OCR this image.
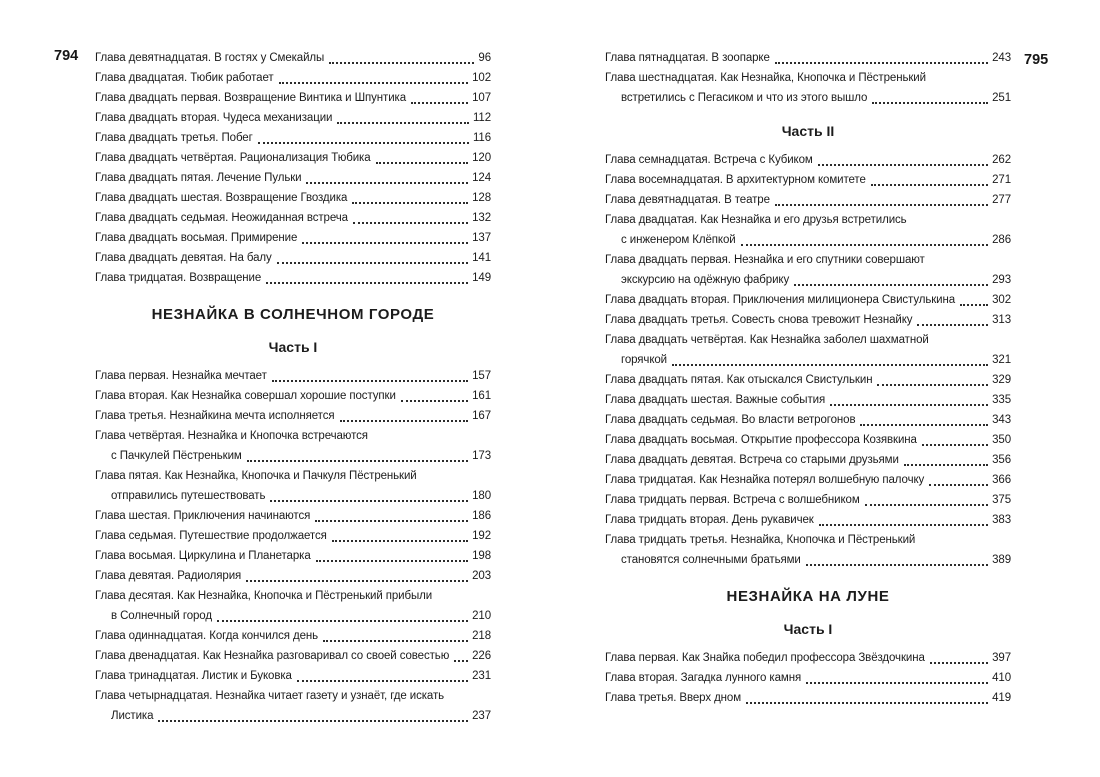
794 Глава девятнадцатая. В гостях у Смекайлы	96
Глава двадцатая. Тюбик работает	102
Глава двадцать первая. Возвращение Винтика и Шпунтика	107
Глава двадцать вторая. Чудеса механизации	112
Глава двадцать третья. Побег	116
Глава двадцать четвёртая. Рационализация Тюбика	120
Глава двадцать пятая. Лечение Пульки	124
Глава двадцать шестая. Возвращение Гвоздика	128
Глава двадцать седьмая. Неожиданная встреча	132
Глава двадцать восьмая. Примирение	137
Глава двадцать девятая. На балу	141
Глава тридцатая. Возвращение	149
НЕЗНАЙКА В СОЛНЕЧНОМ ГОРОДЕ
Часть I
Глава первая. Незнайка мечтает	157
Глава вторая. Как Незнайка совершал хорошие поступки	161
Глава третья. Незнайкина мечта исполняется	167
Глава четвёртая. Незнайка и Кнопочка встречаются
с Пачкулей Пёстреньким	173
Глава пятая. Как Незнайка, Кнопочка и Пачкуля Пёстренький
отправились путешествовать	180
Глава шестая. Приключения начинаются	186
Глава седьмая. Путешествие продолжается	192
Глава восьмая. Циркулина и Планетарка	198
Глава девятая. Радиолярия	203
Глава десятая. Как Незнайка, Кнопочка и Пёстренький прибыли
в Солнечный город	210
Глава одиннадцатая. Когда кончился день	218
Глава двенадцатая. Как Незнайка разговаривал со своей совестью 226
Глава тринадцатая. Листик и Буковка	231
Глава четырнадцатая. Незнайка читает газету и узнаёт, где искать
Листика	237
Глава пятнадцатая. В зоопарке	243
Глава шестнадцатая. Как Незнайка, Кнопочка и Пёстренький
встретились с Пегасиком и что из этого вышло	251
Часть II
Глава семнадцатая. Встреча с Кубиком	262
Глава восемнадцатая. В архитектурном комитете	271
Глава девятнадцатая. В театре	277
Глава двадцатая. Как Незнайка и его друзья встретились
с инженером Клёпкой	286
Глава двадцать первая. Незнайка и его спутники совершают
экскурсию на одёжную фабрику	293
Глава двадцать вторая. Приключения милиционера Свистулькина	302
Глава двадцать третья. Совесть снова тревожит Незнайку	313
Глава двадцать четвёртая. Как Незнайка заболел шахматной
горячкой	321
Глава двадцать пятая. Как отыскался Свистулькин	329
Глава двадцать шестая. Важные события	335
Глава двадцать седьмая. Во власти ветрогонов	343
Глава двадцать восьмая. Открытие профессора Козявкина	350
Глава двадцать девятая. Встреча со старыми друзьями	356
Глава тридцатая. Как Незнайка потерял волшебную палочку	366
Глава тридцать первая. Встреча с волшебником	375
Глава тридцать вторая. День рукавичек	383
Глава тридцать третья. Незнайка, Кнопочка и Пёстренький
становятся солнечными братьями	389
НЕЗНАЙКА НА ЛУНЕ
Часть I
Глава первая. Как Знайка победил профессора Звёздочкина	397
Глава вторая. Загадка лунного камня	410
Глава третья. Вверх дном	419
795
